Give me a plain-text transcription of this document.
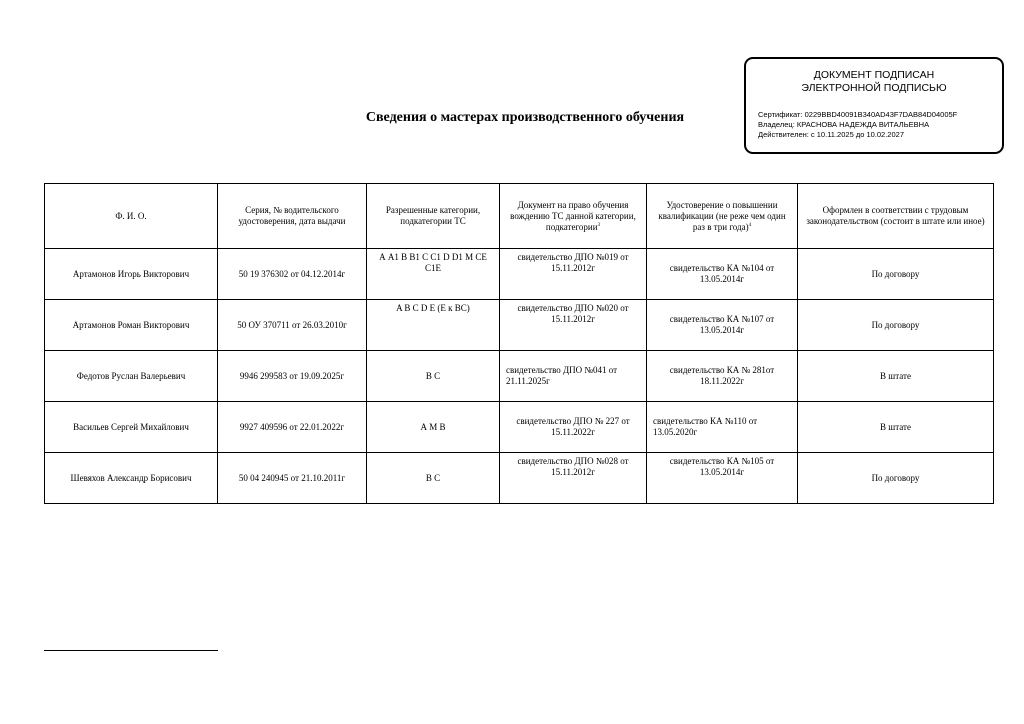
ДОКУМЕНТ ПОДПИСАН
ЭЛЕКТРОННОЙ ПОДПИСЬЮ
Сертификат: 0229BBD40091B340AD43F7DAB84D04005F
Владелец: КРАСНОВА НАДЕЖДА ВИТАЛЬЕВНА
Действителен: с 10.11.2025 до 10.02.2027
Сведения о мастерах производственного обучения
Ф. И. О.	Серия, № водительского удостоверения, дата выдачи	Разрешенные категории, подкатегории ТС	Документ на право обучения вождению ТС данной категории, подкатегории$^3$	Удостоверение о повышении квалификации (не реже чем один раз в три года)$^4$	Оформлен в соответствии с трудовым законодательством (состоит в штате или иное)
Артамонов Игорь Викторович	50 19 376302 от 04.12.2014г	А А1 В В1 С С1 D D1 М СЕ С1Е	свидетельство ДПО №019 от 15.11.2012г	свидетельство КА №104 от 13.05.2014г	По договору
Артамонов Роман Викторович	50 ОУ 370711 от 26.03.2010г	A B C D E (E к BC)	свидетельство ДПО №020 от 15.11.2012г	свидетельство КА №107 от 13.05.2014г	По договору
Федотов Руслан Валерьевич	9946 299583 от 19.09.2025г	В С	свидетельство ДПО №041 от 21.11.2025г	свидетельство КА № 281от 18.11.2022г	В штате
Васильев Сергей Михайлович	9927 409596 от 22.01.2022г	А М В	свидетельство ДПО № 227 от 15.11.2022г	свидетельство КА №110 от 13.05.2020г	В штате
Шевяхов Александр Борисович	50 04 240945 от 21.10.2011г	В С	свидетельство ДПО №028 от 15.11.2012г	свидетельство КА №105 от 13.05.2014г	По договору
